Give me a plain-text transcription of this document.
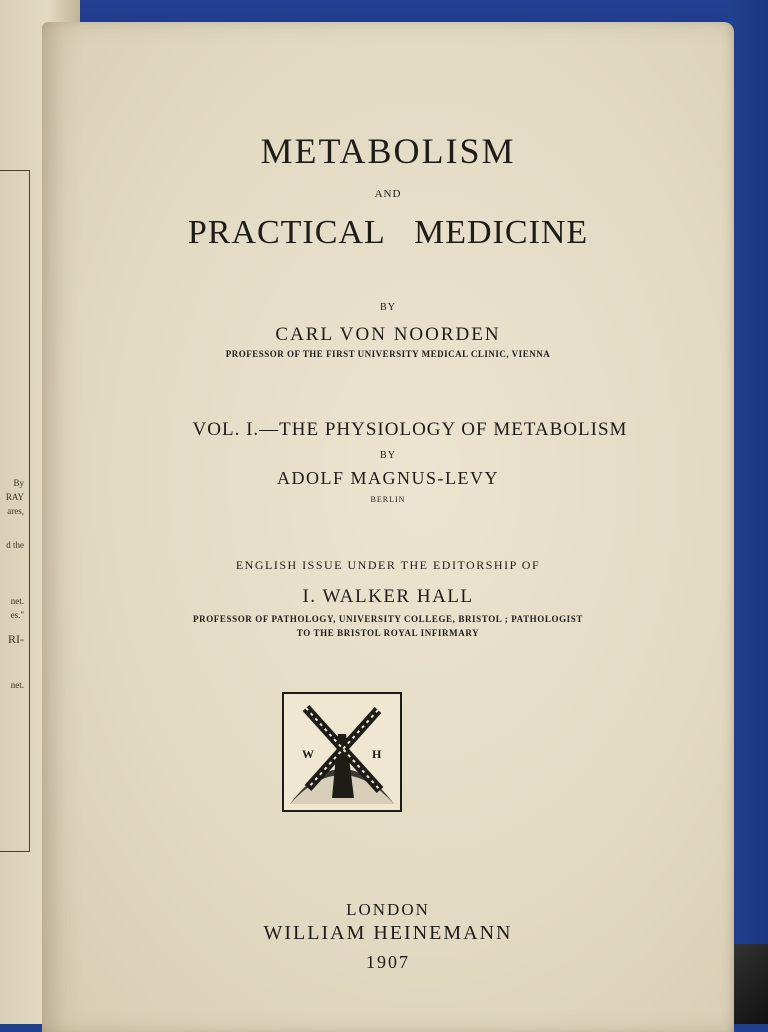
By
RAY
ares,
d the
net.
es."
RI-
net.
METABOLISM
AND
PRACTICAL MEDICINE
BY
CARL VON NOORDEN
PROFESSOR OF THE FIRST UNIVERSITY MEDICAL CLINIC, VIENNA
VOL. I.—THE PHYSIOLOGY OF METABOLISM
BY
ADOLF MAGNUS-LEVY
BERLIN
ENGLISH ISSUE UNDER THE EDITORSHIP OF
I. WALKER HALL
PROFESSOR OF PATHOLOGY, UNIVERSITY COLLEGE, BRISTOL ; PATHOLOGIST
TO THE BRISTOL ROYAL INFIRMARY
W	H
LONDON
WILLIAM HEINEMANN
1907
